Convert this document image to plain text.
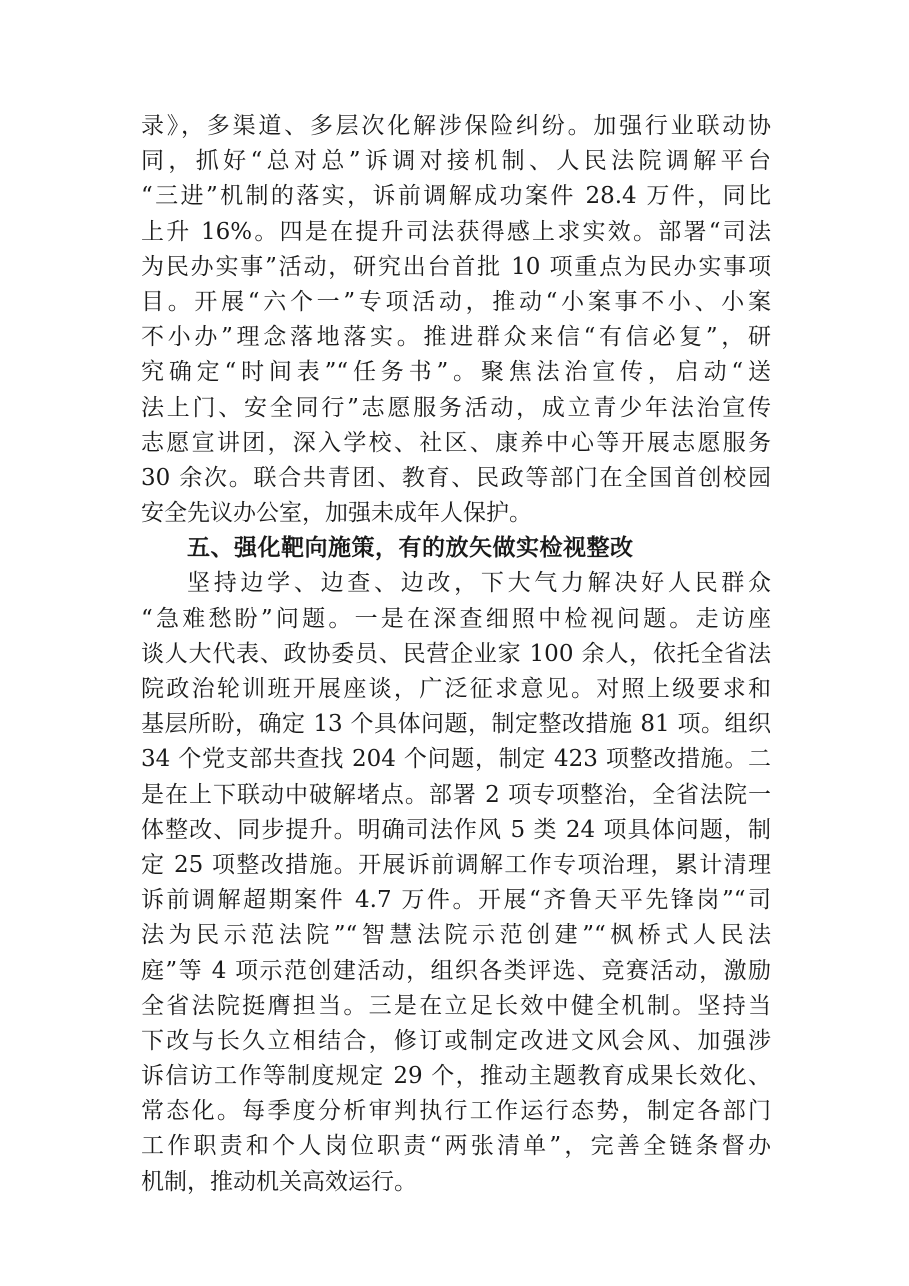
录》，多渠道、多层次化解涉保险纠纷。加强行业联动协
同，抓好“总对总”诉调对接机制、人民法院调解平台
“三进”机制的落实，诉前调解成功案件 28.4 万件，同比
上升 16%。四是在提升司法获得感上求实效。部署“司法
为民办实事”活动，研究出台首批 10 项重点为民办实事项
目。开展“六个一”专项活动，推动“小案事不小、小案
不小办”理念落地落实。推进群众来信“有信必复”，研
究确定“时间表”“任务书”。聚焦法治宣传，启动“送
法上门、安全同行”志愿服务活动，成立青少年法治宣传
志愿宣讲团，深入学校、社区、康养中心等开展志愿服务
30 余次。联合共青团、教育、民政等部门在全国首创校园
安全先议办公室，加强未成年人保护。
五、强化靶向施策，有的放矢做实检视整改
坚持边学、边查、边改，下大气力解决好人民群众
“急难愁盼”问题。一是在深查细照中检视问题。走访座
谈人大代表、政协委员、民营企业家 100 余人，依托全省法
院政治轮训班开展座谈，广泛征求意见。对照上级要求和
基层所盼，确定 13 个具体问题，制定整改措施 81 项。组织
34 个党支部共查找 204 个问题，制定 423 项整改措施。二
是在上下联动中破解堵点。部署 2 项专项整治，全省法院一
体整改、同步提升。明确司法作风 5 类 24 项具体问题，制
定 25 项整改措施。开展诉前调解工作专项治理，累计清理
诉前调解超期案件 4.7 万件。开展“齐鲁天平先锋岗”“司
法为民示范法院”“智慧法院示范创建”“枫桥式人民法
庭”等 4 项示范创建活动，组织各类评选、竞赛活动，激励
全省法院挺膺担当。三是在立足长效中健全机制。坚持当
下改与长久立相结合，修订或制定改进文风会风、加强涉
诉信访工作等制度规定 29 个，推动主题教育成果长效化、
常态化。每季度分析审判执行工作运行态势，制定各部门
工作职责和个人岗位职责“两张清单”，完善全链条督办
机制，推动机关高效运行。
